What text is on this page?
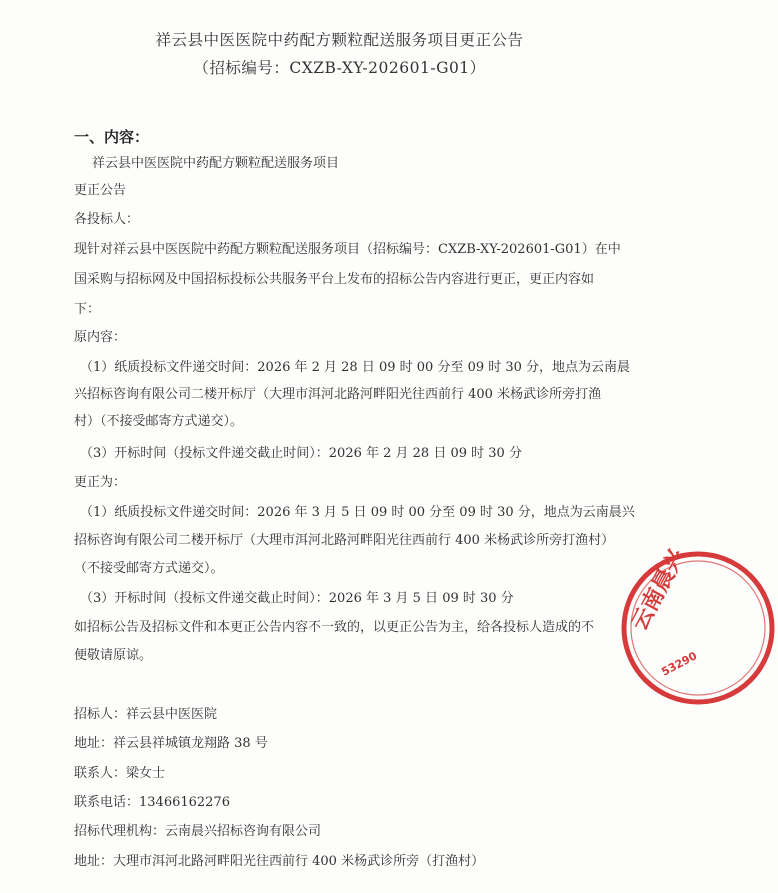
祥云县中医医院中药配方颗粒配送服务项目更正公告
（招标编号：CXZB-XY-202601-G01）
一、内容：
祥云县中医医院中药配方颗粒配送服务项目
更正公告
各投标人：
现针对祥云县中医医院中药配方颗粒配送服务项目（招标编号：CXZB-XY-202601-G01）在中
国采购与招标网及中国招标投标公共服务平台上发布的招标公告内容进行更正，更正内容如
下：
原内容：
（1）纸质投标文件递交时间：2026 年 2 月 28 日 09 时 00 分至 09 时 30 分，地点为云南晨
兴招标咨询有限公司二楼开标厅（大理市洱河北路河畔阳光往西前行 400 米杨武诊所旁打渔
村）（不接受邮寄方式递交）。
（3）开标时间（投标文件递交截止时间）：2026 年 2 月 28 日 09 时 30 分
更正为：
（1）纸质投标文件递交时间：2026 年 3 月 5 日 09 时 00 分至 09 时 30 分，地点为云南晨兴
招标咨询有限公司二楼开标厅（大理市洱河北路河畔阳光往西前行 400 米杨武诊所旁打渔村）
（不接受邮寄方式递交）。
（3）开标时间（投标文件递交截止时间）：2026 年 3 月 5 日 09 时 30 分
如招标公告及招标文件和本更正公告内容不一致的，以更正公告为主，给各投标人造成的不
便敬请原谅。
招标人：祥云县中医医院
地址：祥云县祥城镇龙翔路 38 号
联系人：梁女士
联系电话：13466162276
招标代理机构：云南晨兴招标咨询有限公司
地址：大理市洱河北路河畔阳光往西前行 400 米杨武诊所旁（打渔村）
云南晨兴
53290
